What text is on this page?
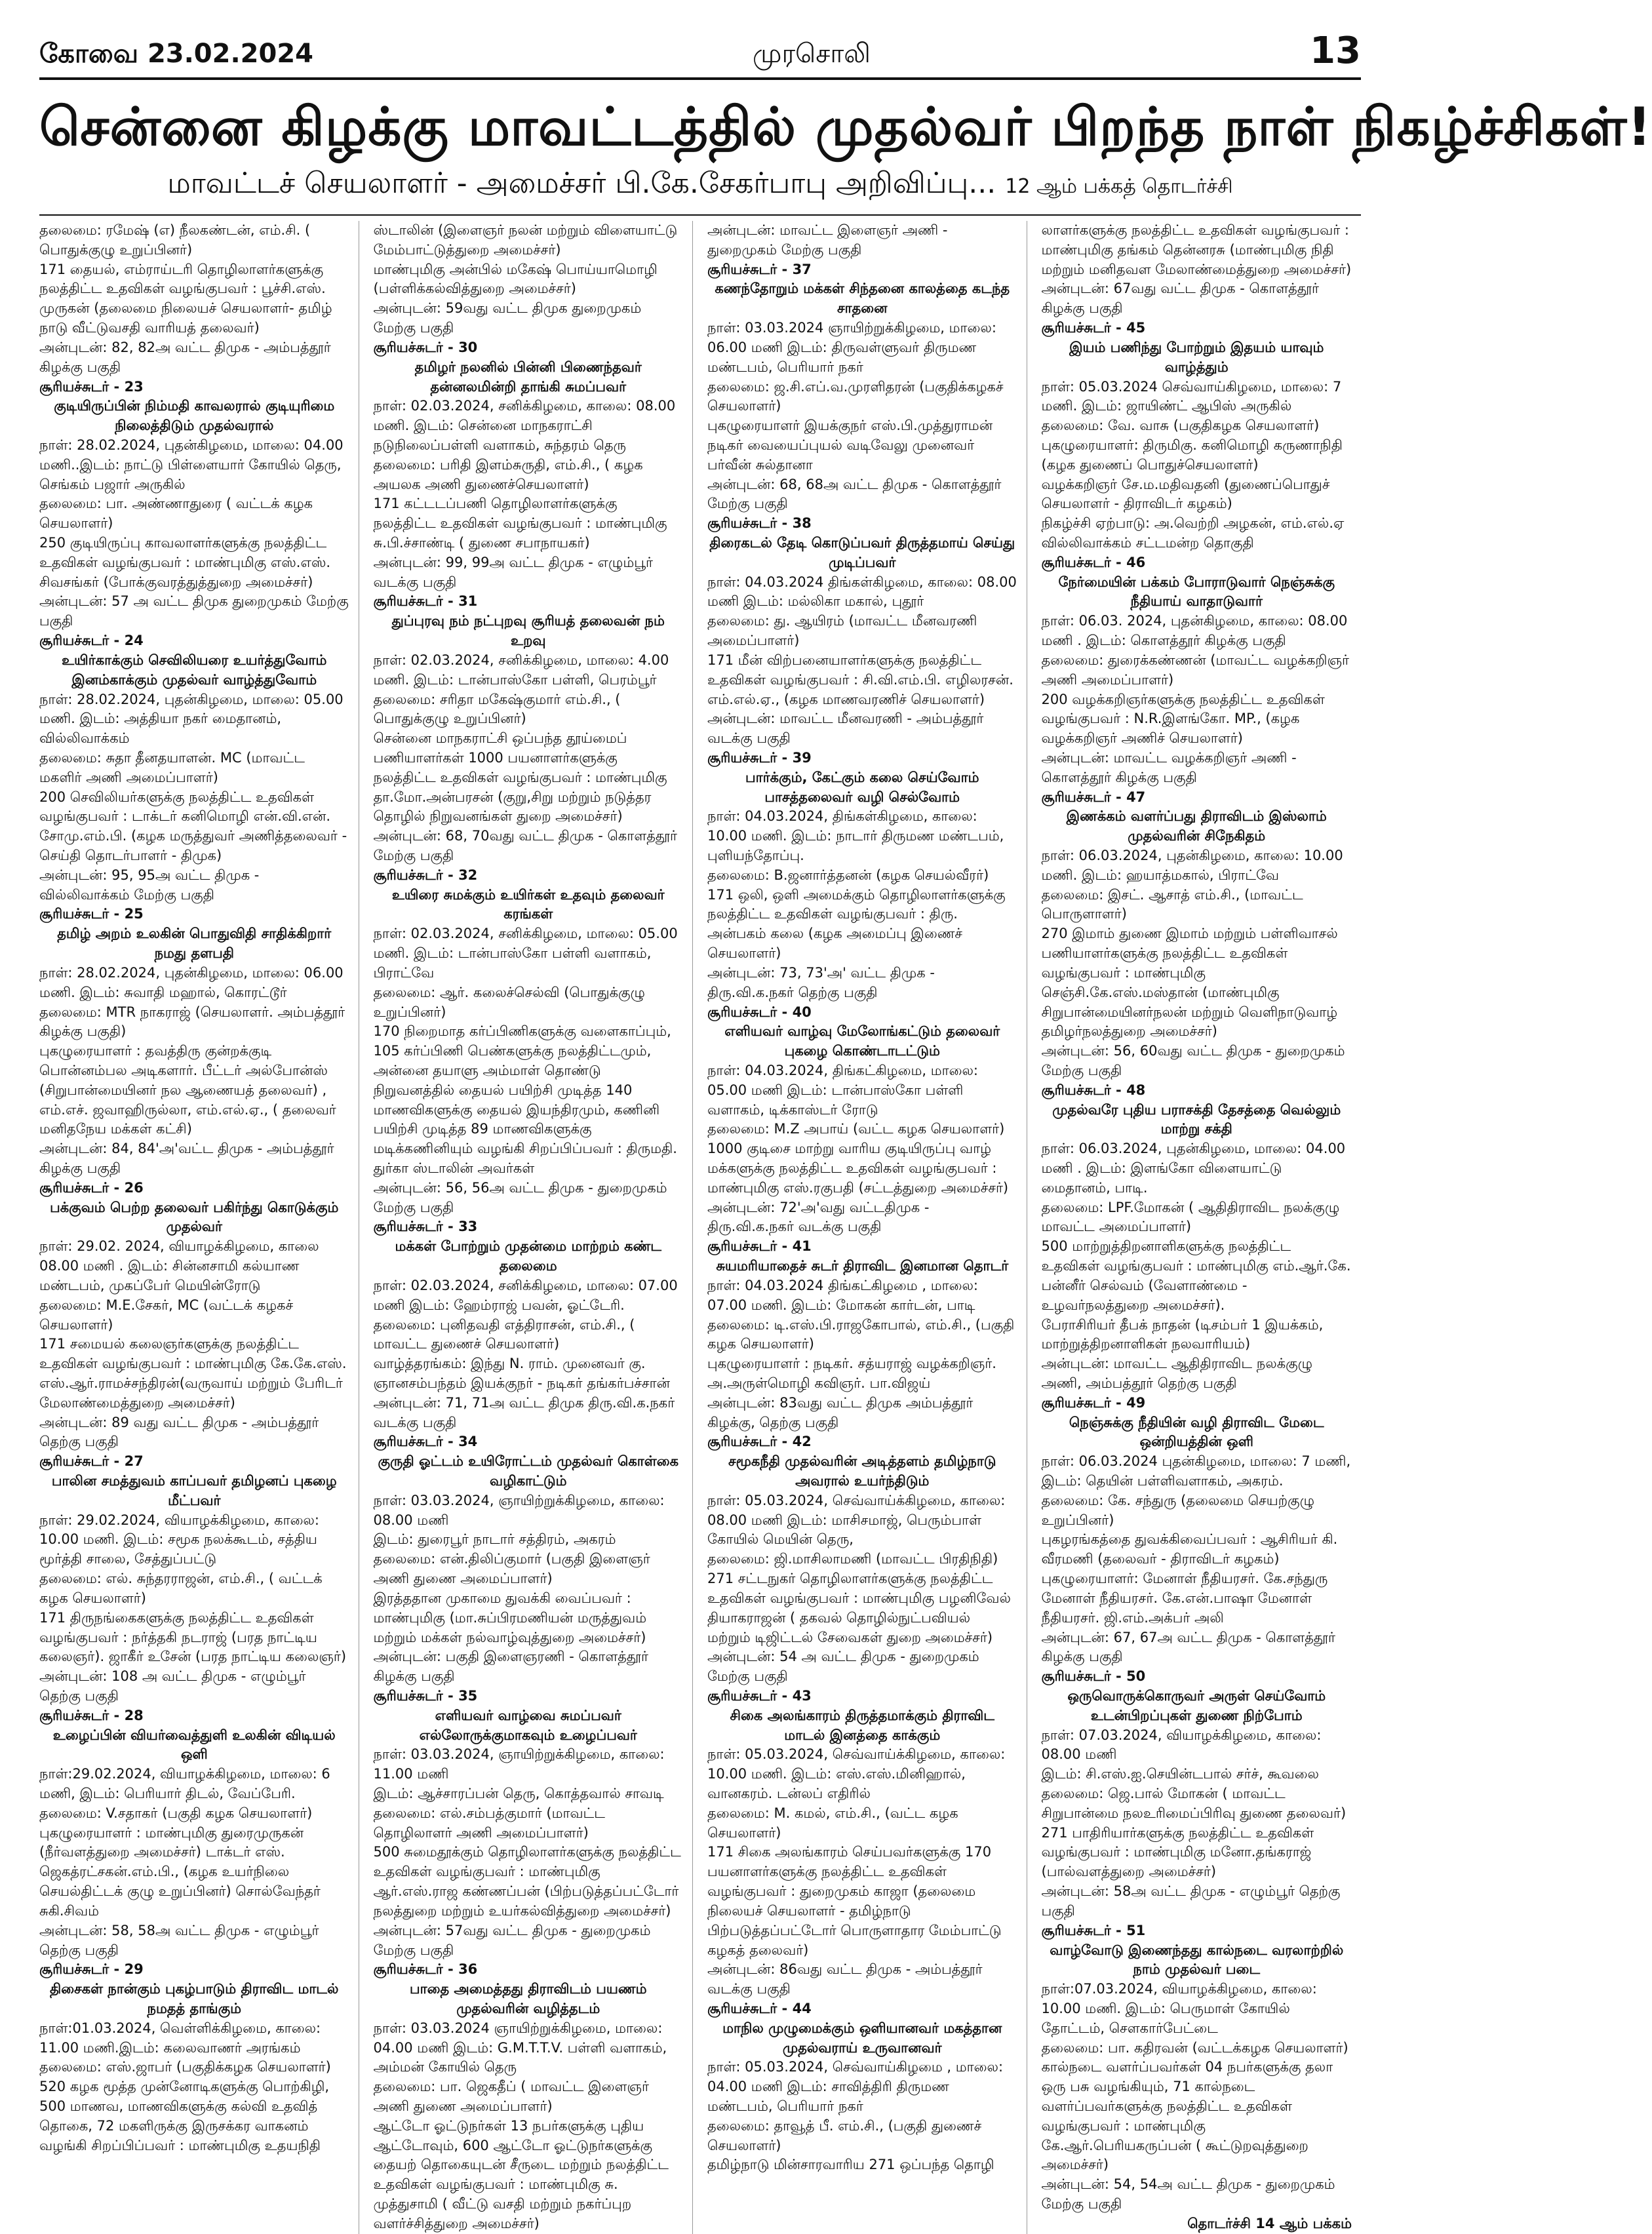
கோவை 23.02.2024	முரசொலி	13
சென்னை கிழக்கு மாவட்டத்தில் முதல்வர் பிறந்த நாள் நிகழ்ச்சிகள்!
மாவட்டச் செயலாளர் - அமைச்சர் பி.கே.சேகர்பாபு அறிவிப்பு... 12 ஆம் பக்கத் தொடர்ச்சி

தலைமை: ரமேஷ் (எ) நீலகண்டன், எம்.சி. ( பொதுக்குழு உறுப்பினர்)

171 தையல், எம்ராய்டரி தொழிலாளர்களுக்கு நலத்திட்ட உதவிகள் வழங்குபவர் : பூச்சி.எஸ். முருகன் (தலைமை நிலையச் செயலாளர்- தமிழ் நாடு வீட்டுவசதி வாரியத் தலைவர்)

அன்புடன்: 82, 82அ வட்ட திமுக - அம்பத்தூர் கிழக்கு பகுதி

சூரியச்சுடர் - 23

குடியிருப்பின் நிம்மதி காவலரால் குடியுரிமை நிலைத்திடும் முதல்வரால்

நாள்: 28.02.2024, புதன்கிழமை, மாலை: 04.00 மணி..இடம்: நாட்டு பிள்ளையார் கோயில் தெரு, செங்கம் பஜார் அருகில்

தலைமை: பா. அண்ணாதுரை ( வட்டக் கழக செயலாளர்)

250 குடியிருப்பு காவலாளர்களுக்கு நலத்திட்ட உதவிகள் வழங்குபவர் : மாண்புமிகு எஸ்.எஸ். சிவசங்கர் (போக்குவரத்துத்துறை அமைச்சர்)

அன்புடன்: 57 அ வட்ட திமுக துறைமுகம் மேற்கு பகுதி

சூரியச்சுடர் - 24

உயிர்காக்கும் செவிலியரை உயர்த்துவோம் இனம்காக்கும் முதல்வர் வாழ்த்துவோம்

நாள்: 28.02.2024, புதன்கிழமை, மாலை: 05.00 மணி. இடம்: அத்தியா நகர் மைதானம், வில்லிவாக்கம்

தலைமை: சுதா தீனதயாளன். MC (மாவட்ட மகளிர் அணி அமைப்பாளர்)

200 செவிலியர்களுக்கு நலத்திட்ட உதவிகள் வழங்குபவர் : டாக்டர் கனிமொழி என்.வி.என். சோமு.எம்.பி. (கழக மருத்துவர் அணித்தலைவர் - செய்தி தொடர்பாளர் - திமுக)

அன்புடன்: 95, 95அ வட்ட திமுக - வில்லிவாக்கம் மேற்கு பகுதி

சூரியச்சுடர் - 25

தமிழ் அறம் உலகின் பொதுவிதி சாதிக்கிறார் நமது தளபதி

நாள்: 28.02.2024, புதன்கிழமை, மாலை: 06.00 மணி. இடம்: சுவாதி மஹால், கொரட்டூர்

தலைமை: MTR நாகராஜ் (செயலாளர். அம்பத்தூர் கிழக்கு பகுதி)

புகழுரையாளர் : தவத்திரு குன்றக்குடி பொன்னம்பல அடிகளார். பீட்டர் அல்போன்ஸ் (சிறுபான்மையினர் நல ஆணையத் தலைவர்) , எம்.எச். ஜவாஹிருல்லா, எம்.எல்.ஏ., ( தலைவர் மனிதநேய மக்கள் கட்சி)

அன்புடன்: 84, 84'அ'வட்ட திமுக - அம்பத்தூர் கிழக்கு பகுதி

சூரியச்சுடர் - 26

பக்குவம் பெற்ற தலைவர் பகிர்ந்து கொடுக்கும் முதல்வர்

நாள்: 29.02. 2024, வியாழக்கிழமை, காலை 08.00 மணி . இடம்: சின்னசாமி கல்யாண மண்டபம், முகப்பேர் மெயின்ரோடு

தலைமை: M.E.சேகர், MC (வட்டக் கழகச் செயலாளர்)

171 சமையல் கலைஞர்களுக்கு நலத்திட்ட உதவிகள் வழங்குபவர் : மாண்புமிகு கே.கே.எஸ். எஸ்.ஆர்.ராமச்சந்திரன்(வருவாய் மற்றும் பேரிடர் மேலாண்மைத்துறை அமைச்சர்)

அன்புடன்: 89 வது வட்ட திமுக - அம்பத்தூர் தெற்கு பகுதி

சூரியச்சுடர் - 27

பாலின சமத்துவம் காப்பவர் தமிழனப் புகழை மீட்பவர்

நாள்: 29.02.2024, வியாழக்கிழமை, காலை: 10.00 மணி. இடம்: சமூக நலக்கூடம், சத்திய மூர்த்தி சாலை, சேத்துப்பட்டு

தலைமை: எல். சுந்தரராஜன், எம்.சி., ( வட்டக் கழக செயலாளர்)

171 திருநங்கைகளுக்கு நலத்திட்ட உதவிகள் வழங்குபவர் : நர்த்தகி நடராஜ் (பரத நாட்டிய கலைஞர்). ஜாகீர் உசேன் (பரத நாட்டிய கலைஞர்)

அன்புடன்: 108 அ வட்ட திமுக - எழும்பூர் தெற்கு பகுதி

சூரியச்சுடர் - 28

உழைப்பின் வியர்வைத்துளி உலகின் விடியல் ஒளி

நாள்:29.02.2024, வியாழக்கிழமை, மாலை: 6 மணி, இடம்: பெரியார் திடல், வேப்பேரி.

தலைமை: V.சதாகர் (பகுதி கழக செயலாளர்)

புகழுரையாளர் : மாண்புமிகு துரைமுருகன் (நீர்வளத்துறை அமைச்சர்) டாக்டர் எஸ். ஜெகத்ரட்சகன்.எம்.பி., (கழக உயர்நிலை செயல்திட்டக் குழு உறுப்பினர்) சொல்வேந்தர் சுகி.சிவம்

அன்புடன்: 58, 58அ வட்ட திமுக - எழும்பூர் தெற்கு பகுதி

சூரியச்சுடர் - 29

திசைகள் நான்கும் புகழ்பாடும் திராவிட மாடல் நமதத் தாங்கும்

நாள்:01.03.2024, வெள்ளிக்கிழமை, காலை: 11.00 மணி.இடம்: கலைவாணர் அரங்கம்

தலைமை: எஸ்.ஜாபர் (பகுதிக்கழக செயலாளர்)

520 கழக மூத்த முன்னோடிகளுக்கு பொற்கிழி, 500 மாணவ, மாணவிகளுக்கு கல்வி உதவித் தொகை, 72 மகளிருக்கு இருசக்கர வாகனம் வழங்கி சிறப்பிப்பவர் : மாண்புமிகு உதயநிதி

ஸ்டாலின் (இளைஞர் நலன் மற்றும் விளையாட்டு மேம்பாட்டுத்துறை அமைச்சர்)

மாண்புமிகு அன்பில் மகேஷ் பொய்யாமொழி (பள்ளிக்கல்வித்துறை அமைச்சர்)

அன்புடன்: 59வது வட்ட திமுக துறைமுகம் மேற்கு பகுதி

சூரியச்சுடர் - 30

தமிழர் நலனில் பின்னி பிணைந்தவர் தன்னலமின்றி தாங்கி சுமப்பவர்

நாள்: 02.03.2024, சனிக்கிழமை, காலை: 08.00 மணி. இடம்: சென்னை மாநகராட்சி நடுநிலைப்பள்ளி வளாகம், சுந்தரம் தெரு

தலைமை: பரிதி இளம்சுருதி, எம்.சி., ( கழக அயலக அணி துணைச்செயலாளர்)

171 கட்டடப்பணி தொழிலாளர்களுக்கு நலத்திட்ட உதவிகள் வழங்குபவர் : மாண்புமிகு சு.பி.ச்சாண்டி ( துணை சபாநாயகர்)

அன்புடன்: 99, 99அ வட்ட திமுக - எழும்பூர் வடக்கு பகுதி

சூரியச்சுடர் - 31

துப்புரவு நம் நட்புறவு சூரியத் தலைவன் நம் உறவு

நாள்: 02.03.2024, சனிக்கிழமை, மாலை: 4.00 மணி. இடம்: டான்பாஸ்கோ பள்ளி, பெரம்பூர்

தலைமை: சரிதா மகேஷ்குமார் எம்.சி., ( பொதுக்குழு உறுப்பினர்)

சென்னை மாநகராட்சி ஒப்பந்த தூய்மைப் பணியாளர்கள் 1000 பயனாளர்களுக்கு நலத்திட்ட உதவிகள் வழங்குபவர் : மாண்புமிகு தா.மோ.அன்பரசன் (குறு,சிறு மற்றும் நடுத்தர தொழில் நிறுவனங்கள் துறை அமைச்சர்)

அன்புடன்: 68, 70வது வட்ட திமுக - கொளத்தூர் மேற்கு பகுதி

சூரியச்சுடர் - 32

உயிரை சுமக்கும் உயிர்கள் உதவும் தலைவர் கரங்கள்

நாள்: 02.03.2024, சனிக்கிழமை, மாலை: 05.00 மணி. இடம்: டான்பாஸ்கோ பள்ளி வளாகம், பிராட்வே

தலைமை: ஆர். கலைச்செல்வி (பொதுக்குழு உறுப்பினர்)

170 நிறைமாத கர்ப்பிணிகளுக்கு வளைகாப்பும், 105 கர்ப்பிணி பெண்களுக்கு நலத்திட்டமும், அன்னை தயாளு அம்மாள் தொண்டு நிறுவனத்தில் தையல் பயிற்சி முடித்த 140 மாணவிகளுக்கு தையல் இயந்திரமும், கணினி பயிற்சி முடித்த 89 மாணவிகளுக்கு மடிக்கணினியும் வழங்கி சிறப்பிப்பவர் : திருமதி. துர்கா ஸ்டாலின் அவர்கள்

அன்புடன்: 56, 56அ வட்ட திமுக - துறைமுகம் மேற்கு பகுதி

சூரியச்சுடர் - 33

மக்கள் போற்றும் முதன்மை மாற்றம் கண்ட தலைமை

நாள்: 02.03.2024, சனிக்கிழமை, மாலை: 07.00 மணி இடம்: ஹேம்ராஜ் பவன், ஓட்டேரி.

தலைமை: புனிதவதி எத்திராசன், எம்.சி., ( மாவட்ட துணைச் செயலாளர்)

வாழ்த்தரங்கம்: இந்து N. ராம். முனைவர் கு. ஞானசம்பந்தம் இயக்குநர் - நடிகர் தங்கர்பச்சான்

அன்புடன்: 71, 71அ வட்ட திமுக திரு.வி.க.நகர் வடக்கு பகுதி

சூரியச்சுடர் - 34

குருதி ஓட்டம் உயிரோட்டம் முதல்வர் கொள்கை வழிகாட்டும்

நாள்: 03.03.2024, ஞாயிற்றுக்கிழமை, காலை: 08.00 மணி

இடம்: துரைபூர் நாடார் சத்திரம், அகரம்

தலைமை: என்.திலிப்குமார் (பகுதி இளைஞர் அணி துணை அமைப்பாளர்)

இரத்ததான முகாமை துவக்கி வைப்பவர் : மாண்புமிகு (மா.சுப்பிரமணியன் மருத்துவம் மற்றும் மக்கள் நல்வாழ்வுத்துறை அமைச்சர்)

அன்புடன்: பகுதி இளைஞரணி - கொளத்தூர் கிழக்கு பகுதி

சூரியச்சுடர் - 35

எளியவர் வாழ்வை சுமப்பவர் எல்லோருக்குமாகவும் உழைப்பவர்

நாள்: 03.03.2024, ஞாயிற்றுக்கிழமை, காலை: 11.00 மணி

இடம்: ஆச்சாரப்பன் தெரு, கொத்தவால் சாவடி

தலைமை: எல்.சம்பத்குமார் (மாவட்ட தொழிலாளர் அணி அமைப்பாளர்)

500 சுமைதூக்கும் தொழிலாளர்களுக்கு நலத்திட்ட உதவிகள் வழங்குபவர் : மாண்புமிகு ஆர்.எஸ்.ராஜ கண்ணப்பன் (பிற்படுத்தப்பட்டோர் நலத்துறை மற்றும் உயர்கல்வித்துறை அமைச்சர்)

அன்புடன்: 57வது வட்ட திமுக - துறைமுகம் மேற்கு பகுதி

சூரியச்சுடர் - 36

பாதை அமைத்தது திராவிடம் பயணம் முதல்வரின் வழித்தடம்

நாள்: 03.03.2024 ஞாயிற்றுக்கிழமை, மாலை: 04.00 மணி இடம்: G.M.T.T.V. பள்ளி வளாகம், அம்மன் கோயில் தெரு

தலைமை: பா. ஜெகதீப் ( மாவட்ட இளைஞர் அணி துணை அமைப்பாளர்)

ஆட்டோ ஓட்டுநர்கள் 13 நபர்களுக்கு புதிய ஆட்டோவும், 600 ஆட்டோ ஓட்டுநர்களுக்கு தையற் தொகையுடன் சீருடை மற்றும் நலத்திட்ட உதவிகள் வழங்குபவர் : மாண்புமிகு சு. முத்துசாமி ( வீட்டு வசதி மற்றும் நகர்ப்புற வளர்ச்சித்துறை அமைச்சர்)

அன்புடன்: மாவட்ட இளைஞர் அணி - துறைமுகம் மேற்கு பகுதி

சூரியச்சுடர் - 37

கணந்தோறும் மக்கள் சிந்தனை காலத்தை கடந்த சாதனை

நாள்: 03.03.2024 ஞாயிற்றுக்கிழமை, மாலை: 06.00 மணி இடம்: திருவள்ளுவர் திருமண மண்டபம், பெரியார் நகர்

தலைமை: ஜ.சி.எப்.வ.முரளிதரன் (பகுதிக்கழகச் செயலாளர்)

புகழுரையாளர் இயக்குநர் எஸ்.பி.முத்துராமன் நடிகர் வையைப்புயல் வடிவேலு முனைவர் பர்வீன் சுல்தானா

அன்புடன்: 68, 68அ வட்ட திமுக - கொளத்தூர் மேற்கு பகுதி

சூரியச்சுடர் - 38

திரைகடல் தேடி கொடுப்பவர் திருத்தமாய் செய்து முடிப்பவர்

நாள்: 04.03.2024 திங்கள்கிழமை, காலை: 08.00 மணி இடம்: மல்லிகா மகால், புதூர்

தலைமை: து. ஆயிரம் (மாவட்ட மீனவரணி அமைப்பாளர்)

171 மீன் விற்பனையாளர்களுக்கு நலத்திட்ட உதவிகள் வழங்குபவர் : சி.வி.எம்.பி. எழிலரசன். எம்.எல்.ஏ., (கழக மாணவரணிச் செயலாளர்)

அன்புடன்: மாவட்ட மீனவரணி - அம்பத்தூர் வடக்கு பகுதி

சூரியச்சுடர் - 39

பார்க்கும், கேட்கும் கலை செய்வோம் பாசத்தலைவர் வழி செல்வோம்

நாள்: 04.03.2024, திங்கள்கிழமை, காலை: 10.00 மணி. இடம்: நாடார் திருமண மண்டபம், புளியந்தோப்பு.

தலைமை: B.ஜனார்த்தனன் (கழக செயல்வீரர்)

171 ஒலி, ஒளி அமைக்கும் தொழிலாளர்களுக்கு நலத்திட்ட உதவிகள் வழங்குபவர் : திரு. அன்பகம் கலை (கழக அமைப்பு இணைச் செயலாளர்)

அன்புடன்: 73, 73'அ' வட்ட திமுக - திரு.வி.க.நகர் தெற்கு பகுதி

சூரியச்சுடர் - 40

எளியவர் வாழ்வு மேலோங்கட்டும் தலைவர் புகழை கொண்டாடட்டும்

நாள்: 04.03.2024, திங்கட்கிழமை, மாலை: 05.00 மணி இடம்: டான்பாஸ்கோ பள்ளி வளாகம், டிக்காஸ்டர் ரோடு

தலைமை: M.Z அபாய் (வட்ட கழக செயலாளர்)

1000 குடிசை மாற்று வாரிய குடியிருப்பு வாழ் மக்களுக்கு நலத்திட்ட உதவிகள் வழங்குபவர் : மாண்புமிகு எஸ்.ரகுபதி (சட்டத்துறை அமைச்சர்)

அன்புடன்: 72'அ'வது வட்டதிமுக - திரு.வி.க.நகர் வடக்கு பகுதி

சூரியச்சுடர் - 41

சுயமரியாதைச் சுடர் திராவிட இனமான தொடர்

நாள்: 04.03.2024 திங்கட்கிழமை , மாலை: 07.00 மணி. இடம்: மோகன் கார்டன், பாடி

தலைமை: டி.எஸ்.பி.ராஜகோபால், எம்.சி., (பகுதி கழக செயலாளர்)

புகழுரையாளர் : நடிகர். சத்யராஜ் வழக்கறிஞர். அ.அருள்மொழி கவிஞர். பா.விஜய்

அன்புடன்: 83வது வட்ட திமுக அம்பத்தூர் கிழக்கு, தெற்கு பகுதி

சூரியச்சுடர் - 42

சமூகநீதி முதல்வரின் அடித்தளம் தமிழ்நாடு அவரால் உயர்ந்திடும்

நாள்: 05.03.2024, செவ்வாய்க்கிழமை, காலை: 08.00 மணி இடம்: மாசிசமாஜ், பெரும்பாள் கோயில் மெயின் தெரு,

தலைமை: ஜி.மாசிலாமணி (மாவட்ட பிரதிநிதி) 271 சட்டநுகர் தொழிலாளர்களுக்கு நலத்திட்ட உதவிகள் வழங்குபவர் : மாண்புமிகு பழனிவேல் தியாகராஜன் ( தகவல் தொழில்நுட்பவியல் மற்றும் டிஜிட்டல் சேவைகள் துறை அமைச்சர்)

அன்புடன்: 54 அ வட்ட திமுக - துறைமுகம் மேற்கு பகுதி

சூரியச்சுடர் - 43

சிகை அலங்காரம் திருத்தமாக்கும் திராவிட மாடல் இனத்தை காக்கும்

நாள்: 05.03.2024, செவ்வாய்க்கிழமை, காலை: 10.00 மணி. இடம்: எஸ்.எஸ்.மினிஹால், வானகரம். டன்லப் எதிரில்

தலைமை: M. கமல், எம்.சி., (வட்ட கழக செயலாளர்)

171 சிகை அலங்காரம் செய்பவர்களுக்கு 170 பயனாளர்களுக்கு நலத்திட்ட உதவிகள் வழங்குபவர் : துறைமுகம் காஜா (தலைமை நிலையச் செயலாளர் - தமிழ்நாடு பிற்படுத்தப்பட்டோர் பொருளாதார மேம்பாட்டு கழகத் தலைவர்)

அன்புடன்: 86வது வட்ட திமுக - அம்பத்தூர் வடக்கு பகுதி

சூரியச்சுடர் - 44

மாநில முழுமைக்கும் ஒளியானவர் மகத்தான முதல்வராய் உருவானவர்

நாள்: 05.03.2024, செவ்வாய்கிழமை , மாலை: 04.00 மணி இடம்: சாவித்திரி திருமண மண்டபம், பெரியார் நகர்

தலைமை: தாவூத் பீ. எம்.சி., (பகுதி துணைச் செயலாளர்)

தமிழ்நாடு மின்சாரவாரிய 271 ஒப்பந்த தொழி

லாளர்களுக்கு நலத்திட்ட உதவிகள் வழங்குபவர் : மாண்புமிகு தங்கம் தென்னரசு (மாண்புமிகு நிதி மற்றும் மனிதவள மேலாண்மைத்துறை அமைச்சர்)

அன்புடன்: 67வது வட்ட திமுக - கொளத்தூர் கிழக்கு பகுதி

சூரியச்சுடர் - 45

இயம் பணிந்து போற்றும் இதயம் யாவும் வாழ்த்தும்

நாள்: 05.03.2024 செவ்வாய்கிழமை, மாலை: 7 மணி. இடம்: ஜாயிண்ட் ஆபிஸ் அருகில்

தலைமை: வே. வாசு (பகுதிகழக செயலாளர்)

புகழுரையாளர்: திருமிகு. கனிமொழி கருணாநிதி (கழக துணைப் பொதுச்செயலாளர்)

வழக்கறிஞர் சே.ம.மதிவதனி (துணைப்பொதுச் செயலாளர் - திராவிடர் கழகம்)

நிகழ்ச்சி ஏற்பாடு: அ.வெற்றி அழகன், எம்.எல்.ஏ வில்லிவாக்கம் சட்டமன்ற தொகுதி

சூரியச்சுடர் - 46

நேர்மையின் பக்கம் போராடுவார் நெஞ்சுக்கு நீதியாய் வாதாடுவார்

நாள்: 06.03. 2024, புதன்கிழமை, காலை: 08.00 மணி . இடம்: கொளத்தூர் கிழக்கு பகுதி

தலைமை: துரைக்கண்ணன் (மாவட்ட வழக்கறிஞர் அணி அமைப்பாளர்)

200 வழக்கறிஞர்களுக்கு நலத்திட்ட உதவிகள் வழங்குபவர் : N.R.இளங்கோ. MP., (கழக வழக்கறிஞர் அணிச் செயலாளர்)

அன்புடன்: மாவட்ட வழக்கறிஞர் அணி - கொளத்தூர் கிழக்கு பகுதி

சூரியச்சுடர் - 47

இணக்கம் வளர்ப்பது திராவிடம் இஸ்லாம் முதல்வரின் சிநேகிதம்

நாள்: 06.03.2024, புதன்கிழமை, காலை: 10.00 மணி. இடம்: ஹயாத்மகால், பிராட்வே

தலைமை: இசட். ஆசாத் எம்.சி., (மாவட்ட பொருளாளர்)

270 இமாம் துணை இமாம் மற்றும் பள்ளிவாசல் பணியாளர்களுக்கு நலத்திட்ட உதவிகள் வழங்குபவர் : மாண்புமிகு செஞ்சி.கே.எஸ்.மஸ்தான் (மாண்புமிகு சிறுபான்மையினர்நலன் மற்றும் வெளிநாடுவாழ் தமிழர்நலத்துறை அமைச்சர்)

அன்புடன்: 56, 60வது வட்ட திமுக - துறைமுகம் மேற்கு பகுதி

சூரியச்சுடர் - 48

முதல்வரே புதிய பராசக்தி தேசத்தை வெல்லும் மாற்று சக்தி

நாள்: 06.03.2024, புதன்கிழமை, மாலை: 04.00 மணி . இடம்: இளங்கோ விளையாட்டு மைதானம், பாடி.

தலைமை: LPF.மோகன் ( ஆதிதிராவிட நலக்குழு மாவட்ட அமைப்பாளர்)

500 மாற்றுத்திறனாளிகளுக்கு நலத்திட்ட உதவிகள் வழங்குபவர் : மாண்புமிகு எம்.ஆர்.கே. பன்னீர் செல்வம் (வேளாண்மை - உழவர்நலத்துறை அமைச்சர்).

பேராசிரியர் தீபக் நாதன் (டிசம்பர் 1 இயக்கம், மாற்றுத்திறனாளிகள் நலவாரியம்)

அன்புடன்: மாவட்ட ஆதிதிராவிட நலக்குழு அணி, அம்பத்தூர் தெற்கு பகுதி

சூரியச்சுடர் - 49

நெஞ்சுக்கு நீதியின் வழி திராவிட மேடை ஒன்றியத்தின் ஒளி

நாள்: 06.03.2024 புதன்கிழமை, மாலை: 7 மணி, இடம்: தெயின் பள்ளிவளாகம், அகரம்.

தலைமை: கே. சந்துரு (தலைமை செயற்குழு உறுப்பினர்)

புகழரங்கத்தை துவக்கிவைப்பவர் : ஆசிரியர் கி. வீரமணி (தலைவர் - திராவிடர் கழகம்)

புகழுரையாளர்: மேனாள் நீதியரசர். கே.சந்துரு மேனாள் நீதியரசர். கே.என்.பாஷா மேனாள் நீதியரசர். ஜி.எம்.அக்பர் அலி

அன்புடன்: 67, 67அ வட்ட திமுக - கொளத்தூர் கிழக்கு பகுதி

சூரியச்சுடர் - 50

ஒருவொருக்கொருவர் அருள் செய்வோம் உடன்பிறப்புகள் துணை நிற்போம்

நாள்: 07.03.2024, வியாழக்கிழமை, காலை: 08.00 மணி

இடம்: சி.எஸ்.ஐ.செயின்டபால் சர்ச், கூவலை

தலைமை: ஜெ.பால் மோகன் ( மாவட்ட சிறுபான்மை நலஉரிமைப்பிரிவு துணை தலைவர்)

271 பாதிரியார்களுக்கு நலத்திட்ட உதவிகள் வழங்குபவர் : மாண்புமிகு மனோ.தங்கராஜ் (பால்வளத்துறை அமைச்சர்)

அன்புடன்: 58அ வட்ட திமுக - எழும்பூர் தெற்கு பகுதி

சூரியச்சுடர் - 51

வாழ்வோடு இணைந்தது கால்நடை வரலாற்றில் நாம் முதல்வர் படை

நாள்:07.03.2024, வியாழக்கிழமை, காலை: 10.00 மணி. இடம்: பெருமாள் கோயில் தோட்டம், செளகார்பேட்டை

தலைமை: பா. கதிரவன் (வட்டக்கழக செயலாளர்)

கால்நடை வளர்ப்பவர்கள் 04 நபர்களுக்கு தலா ஒரு பசு வழங்கியும், 71 கால்நடை வளர்ப்பவர்களுக்கு நலத்திட்ட உதவிகள் வழங்குபவர் : மாண்புமிகு கே.ஆர்.பெரியகருப்பன் ( கூட்டுறவுத்துறை அமைச்சர்)

அன்புடன்: 54, 54அ வட்ட திமுக - துறைமுகம் மேற்கு பகுதி

தொடர்ச்சி 14 ஆம் பக்கம்
